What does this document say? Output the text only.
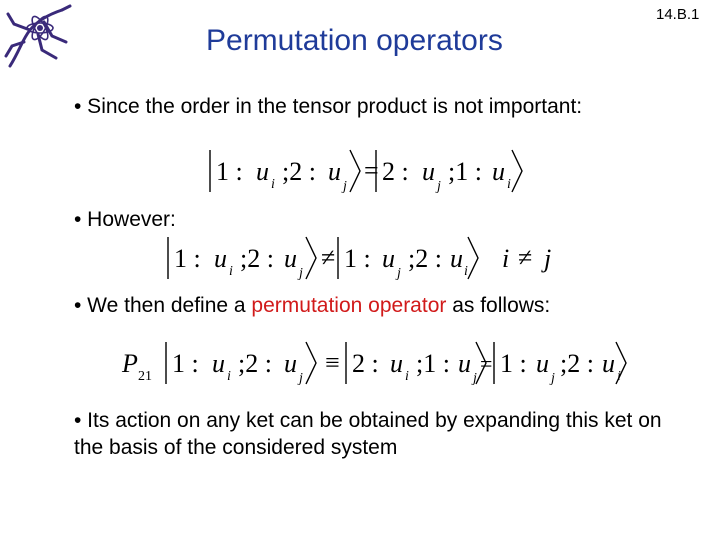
Permutation operators
14.B.1
• Since the order in the tensor product is not important:
1 : u ;2 : u = 2 : u ;1 : u
i	j	j	i
• However:
1 : u ;2 : u ≠ 1 : u ;2 : u i ≠ j
i	j	j	i
• We then define a permutation operator as follows:
P 1 : u ;2 : u ≡ 2 : u ;1 : u = 1 : u ;2 : u
21	i	j	i	j	j	i
• Its action on any ket can be obtained by expanding this ket on the basis of the considered system
